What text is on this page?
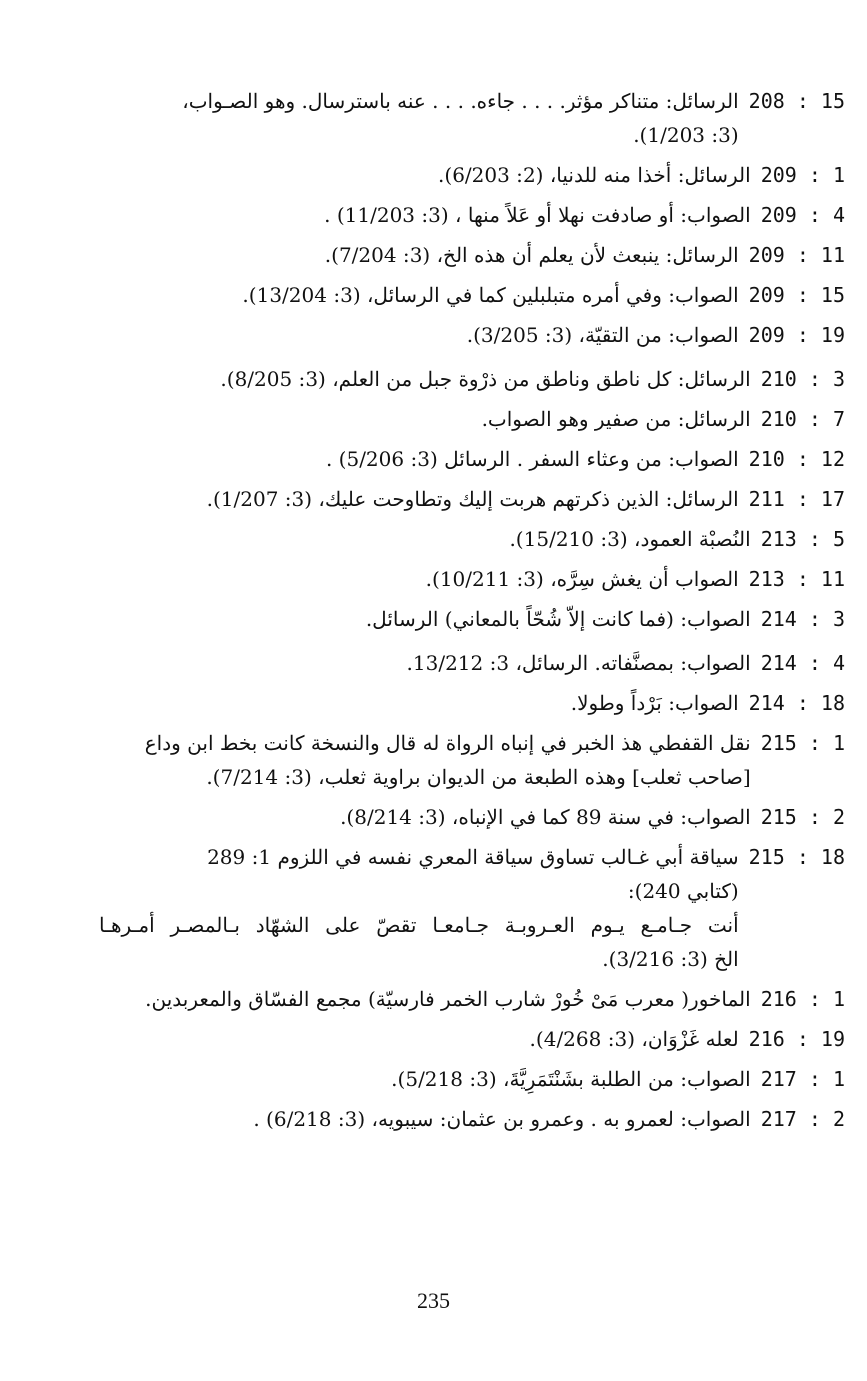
208 : 15
الرسائل: متناكر مؤثر. . . . جاءه. . . . عنه باسترسال. وهو الصـواب،
(3: 1/203).
209 : 1
الرسائل: أخذا منه للدنيا، (2: 6/203).
209 : 4
الصواب: أو صادفت نهلا أو عَلاً منها ، (3: 11/203) .
209 : 11
الرسائل: ينبعث لأن يعلم أن هذه الخ، (3: 7/204).
209 : 15
الصواب: وفي أمره متبلبلين كما في الرسائل، (3: 13/204).
209 : 19
الصواب: من التقيّة، (3: 3/205).
210 : 3
الرسائل: كل ناطق وناطق من ذرْوة جبل من العلم، (3: 8/205).
210 : 7
الرسائل: من صفير وهو الصواب.
210 : 12
الصواب: من وعثاء السفر . الرسائل (3: 5/206) .
211 : 17
الرسائل: الذين ذكرتهم هربت إليك وتطاوحت عليك، (3: 1/207).
213 : 5
النُصبْة العمود، (3: 15/210).
213 : 11
الصواب أن يغش سِرَّه، (3: 10/211).
214 : 3
الصواب: (فما كانت إلاّ شُحّاً بالمعاني) الرسائل.
214 : 4
الصواب: بمصنَّفاته. الرسائل، 3: 13/212.
214 : 18
الصواب: بَرْداً وطولا.
215 : 1
نقل القفطي هذ الخبر في إنباه الرواة له قال والنسخة كانت بخط ابن وداع
[صاحب ثعلب] وهذه الطبعة من الديوان براوية ثعلب، (3: 7/214).
215 : 2
الصواب: في سنة 89 كما في الإنباه، (3: 8/214).
215 : 18
سياقة أبي غـالب تساوق سياقة المعري نفسه في اللزوم 1: 289
(كتابي 240):
أنت جـامـع يـوم العـروبـة جـامعـا تقصّ على الشهّاد بـالمصـر أمـرهـا
الخ (3: 3/216).
216 : 1
الماخور( معرب مَىْ خُورْ شارب الخمر فارسيّة) مجمع الفسّاق والمعربدين.
216 : 19
لعله غَزْوَان، (3: 4/268).
217 : 1
الصواب: من الطلبة بشَنْتَمَرِيَّةَ، (3: 5/218).
217 : 2
الصواب: لعمرو به . وعمرو بن عثمان: سيبويه، (3: 6/218) .
235
